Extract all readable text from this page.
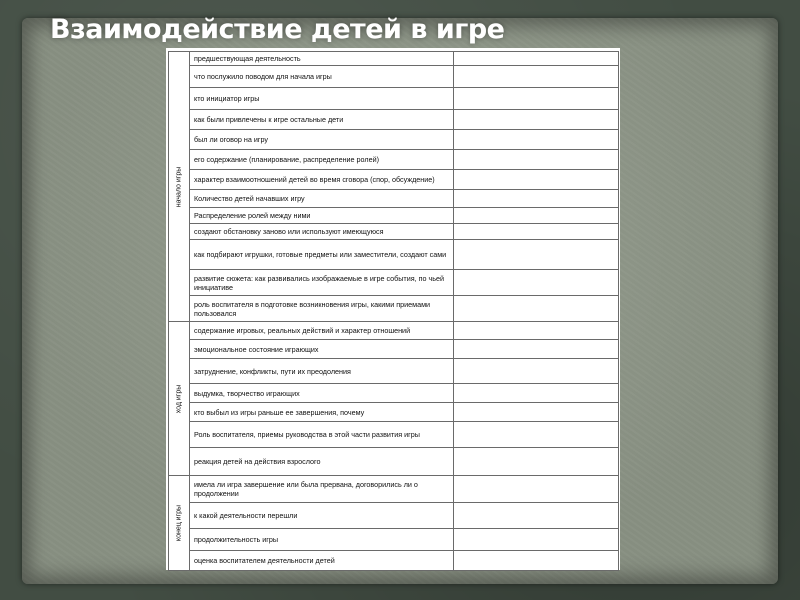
Взаимодействие детей в игре
начало игры	предшествующая деятельность	
	что послужило поводом для начала игры	
	кто инициатор игры	
	как были привлечены к игре остальные дети	
	был ли оговор на игру	
	его содержание (планирование, распределение ролей)	
	характер взаимоотношений детей во время сговора (спор, обсуждение)	
	Количество детей начавших игру	
	Распределение ролей между ними	
	создают обстановку заново или используют имеющуюся	
	как подбирают игрушки, готовые предметы или заместители, создают сами	
	развитие сюжета: как развивались изображаемые в игре события, по чьей инициативе	
	роль воспитателя в подготовке возникновения игры, какими приемами пользовался	

ход игры	содержание игровых, реальных действий и характер отношений	
	эмоциональное состояние играющих	
	затруднение, конфликты, пути их преодоления	
	выдумка, творчество играющих	
	кто выбыл из игры раньше ее завершения, почему	
	Роль воспитателя, приемы руководства в этой части развития игры	
	реакция детей на действия взрослого	

конец игры	имела ли игра завершение или была прервана, договорились ли о продолжении	
	к какой деятельности перешли	
	продолжительность игры	
	оценка воспитателем деятельности детей	
